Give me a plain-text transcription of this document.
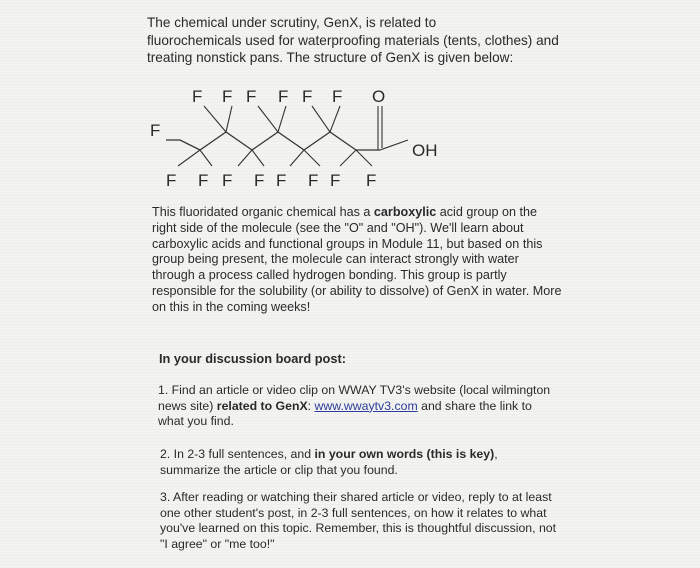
The chemical under scrutiny, GenX, is related to
fluorochemicals used for waterproofing materials (tents, clothes) and
treating nonstick pans. The structure of GenX is given below:
F F F F F F O
F
OH
F F F F F F F F
This fluoridated organic chemical has a carboxylic acid group on the right side of the molecule (see the "O" and "OH"). We'll learn about carboxylic acids and functional groups in Module 11, but based on this group being present, the molecule can interact strongly with water through a process called hydrogen bonding. This group is partly responsible for the solubility (or ability to dissolve) of GenX in water. More on this in the coming weeks!
In your discussion board post:
1. Find an article or video clip on WWAY TV3's website (local wilmington news site) related to GenX: www.wwaytv3.com and share the link to what you find.
2. In 2-3 full sentences, and in your own words (this is key), summarize the article or clip that you found.
3. After reading or watching their shared article or video, reply to at least one other student's post, in 2-3 full sentences, on how it relates to what you've learned on this topic. Remember, this is thoughtful discussion, not "I agree" or "me too!"
